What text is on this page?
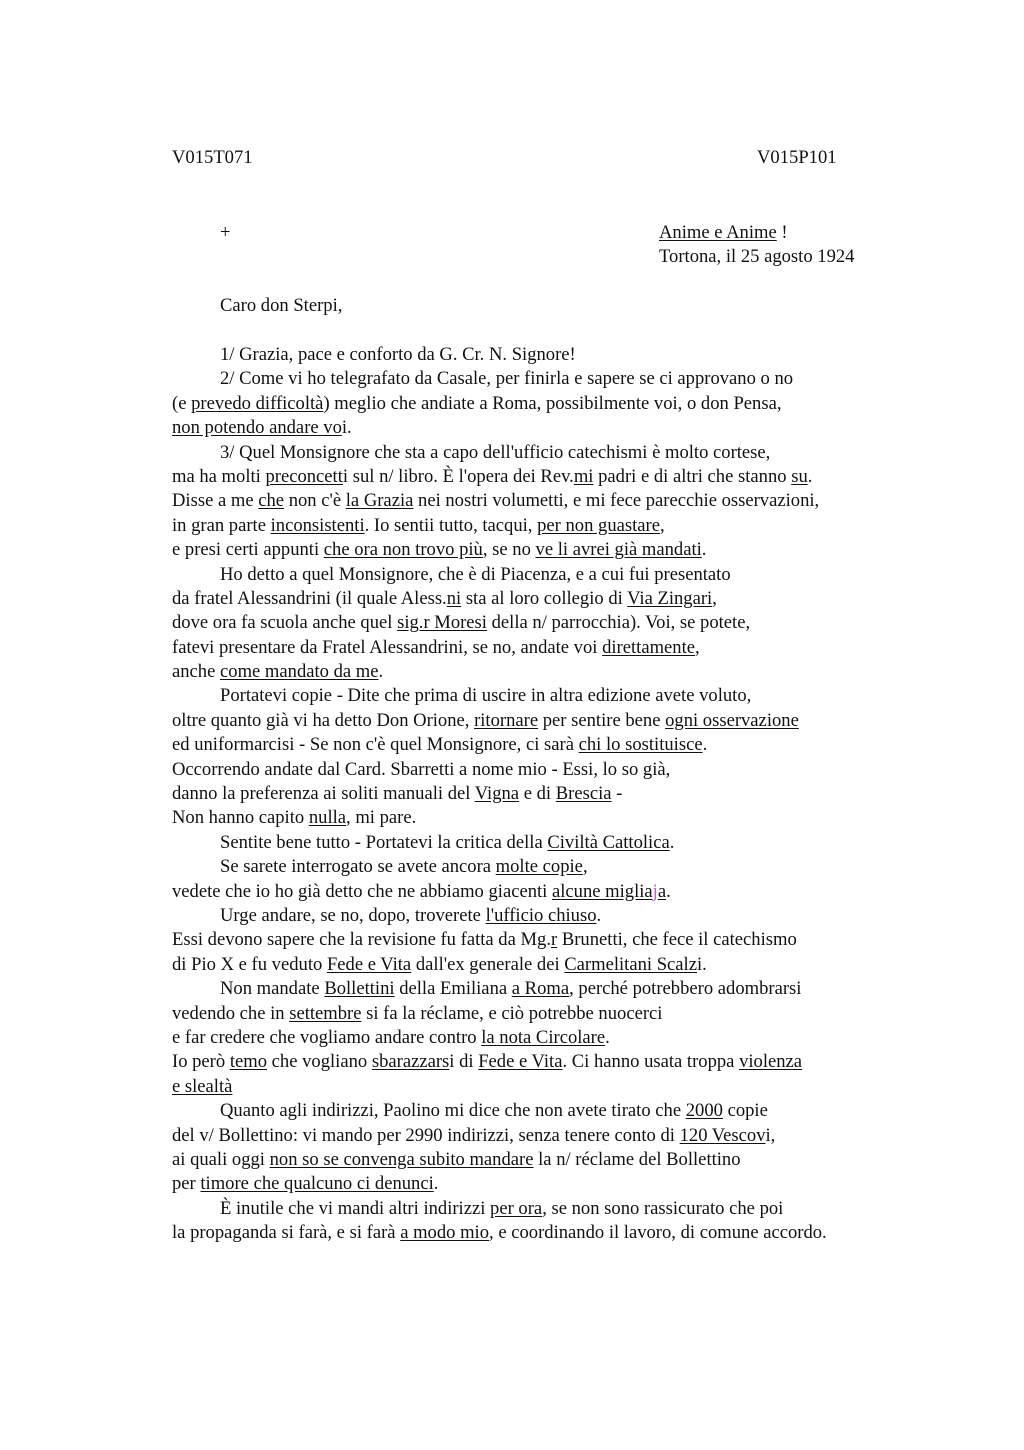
V015T071	V015P101
+	Anime e Anime !
Tortona, il 25 agosto 1924
Caro don Sterpi,
1/ Grazia, pace e conforto da G. Cr. N. Signore!
2/ Come vi ho telegrafato da Casale, per finirla e sapere se ci approvano o no
(e prevedo difficoltà) meglio che andiate a Roma, possibilmente voi, o don Pensa,
non potendo andare voi.
3/ Quel Monsignore che sta a capo dell'ufficio catechismi è molto cortese,
ma ha molti preconcetti sul n/ libro. È l'opera dei Rev.mi padri e di altri che stanno su.
Disse a me che non c'è la Grazia nei nostri volumetti, e mi fece parecchie osservazioni,
in gran parte inconsistenti. Io sentii tutto, tacqui, per non guastare,
e presi certi appunti che ora non trovo più, se no ve li avrei già mandati.
Ho detto a quel Monsignore, che è di Piacenza, e a cui fui presentato
da fratel Alessandrini (il quale Aless.ni sta al loro collegio di Via Zingari,
dove ora fa scuola anche quel sig.r Moresi della n/ parrocchia). Voi, se potete,
fatevi presentare da Fratel Alessandrini, se no, andate voi direttamente,
anche come mandato da me.
Portatevi copie - Dite che prima di uscire in altra edizione avete voluto,
oltre quanto già vi ha detto Don Orione, ritornare per sentire bene ogni osservazione
ed uniformarcisi - Se non c'è quel Monsignore, ci sarà chi lo sostituisce.
Occorrendo andate dal Card. Sbarretti a nome mio - Essi, lo so già,
danno la preferenza ai soliti manuali del Vigna e di Brescia -
Non hanno capito nulla, mi pare.
Sentite bene tutto - Portatevi la critica della Civiltà Cattolica.
Se sarete interrogato se avete ancora molte copie,
vedete che io ho già detto che ne abbiamo giacenti alcune migliaja.
Urge andare, se no, dopo, troverete l'ufficio chiuso.
Essi devono sapere che la revisione fu fatta da Mg.r Brunetti, che fece il catechismo
di Pio X e fu veduto Fede e Vita dall'ex generale dei Carmelitani Scalzi.
Non mandate Bollettini della Emiliana a Roma, perché potrebbero adombrarsi
vedendo che in settembre si fa la réclame, e ciò potrebbe nuocerci
e far credere che vogliamo andare contro la nota Circolare.
Io però temo che vogliano sbarazzarsi di Fede e Vita. Ci hanno usata troppa violenza
e slealtà
Quanto agli indirizzi, Paolino mi dice che non avete tirato che 2000 copie
del v/ Bollettino: vi mando per 2990 indirizzi, senza tenere conto di 120 Vescovi,
ai quali oggi non so se convenga subito mandare la n/ réclame del Bollettino
per timore che qualcuno ci denunci.
È inutile che vi mandi altri indirizzi per ora, se non sono rassicurato che poi
la propaganda si farà, e si farà a modo mio, e coordinando il lavoro, di comune accordo.
